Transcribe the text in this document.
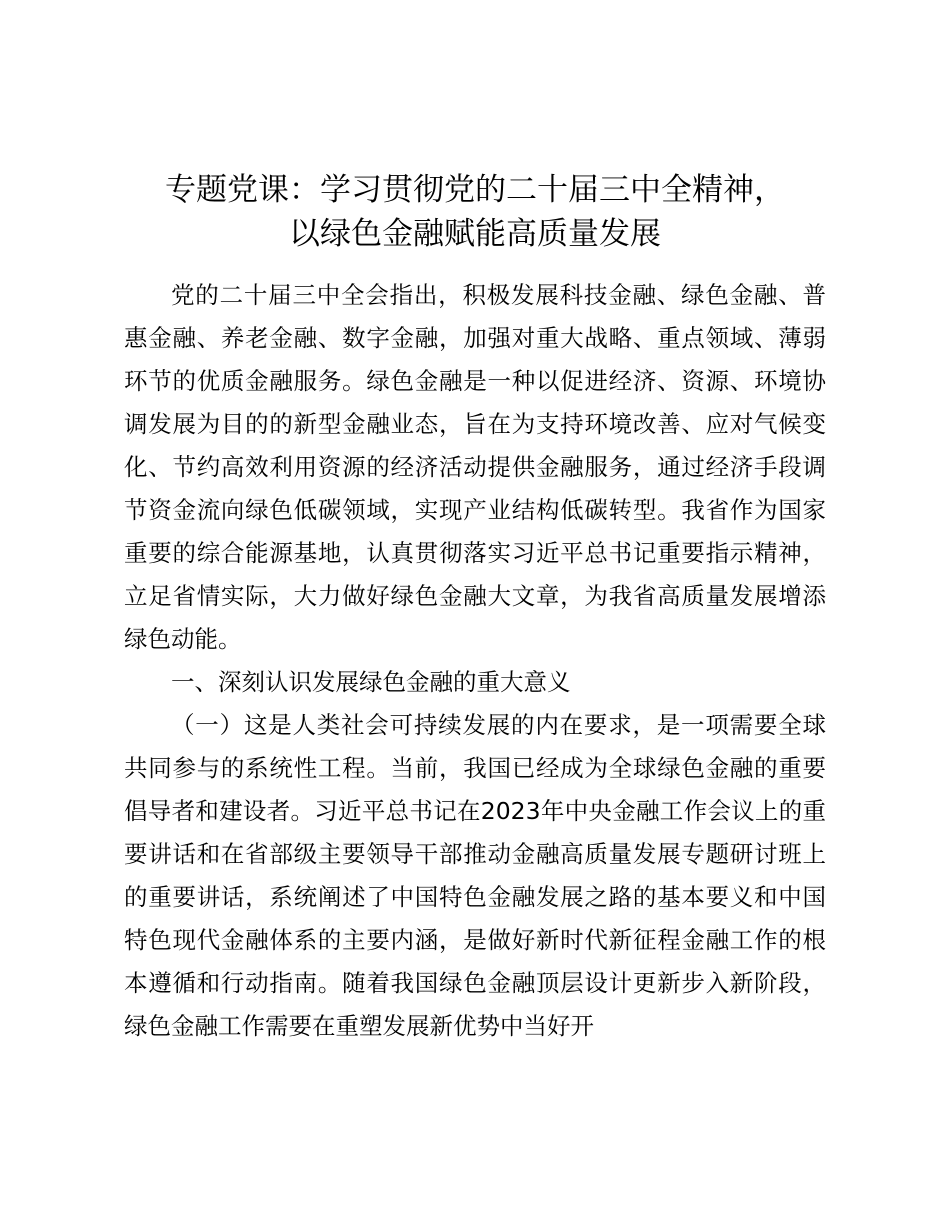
专题党课：学习贯彻党的二十届三中全精神，
以绿色金融赋能高质量发展

党的二十届三中全会指出，积极发展科技金融、绿色金融、普惠金融、养老金融、数字金融，加强对重大战略、重点领域、薄弱环节的优质金融服务。绿色金融是一种以促进经济、资源、环境协调发展为目的的新型金融业态，旨在为支持环境改善、应对气候变化、节约高效利用资源的经济活动提供金融服务，通过经济手段调节资金流向绿色低碳领域，实现产业结构低碳转型。我省作为国家重要的综合能源基地，认真贯彻落实习近平总书记重要指示精神，立足省情实际，大力做好绿色金融大文章，为我省高质量发展增添绿色动能。

一、深刻认识发展绿色金融的重大意义

（一）这是人类社会可持续发展的内在要求，是一项需要全球共同参与的系统性工程。当前，我国已经成为全球绿色金融的重要倡导者和建设者。习近平总书记在2023年中央金融工作会议上的重要讲话和在省部级主要领导干部推动金融高质量发展专题研讨班上的重要讲话，系统阐述了中国特色金融发展之路的基本要义和中国特色现代金融体系的主要内涵，是做好新时代新征程金融工作的根本遵循和行动指南。随着我国绿色金融顶层设计更新步入新阶段，绿色金融工作需要在重塑发展新优势中当好开
